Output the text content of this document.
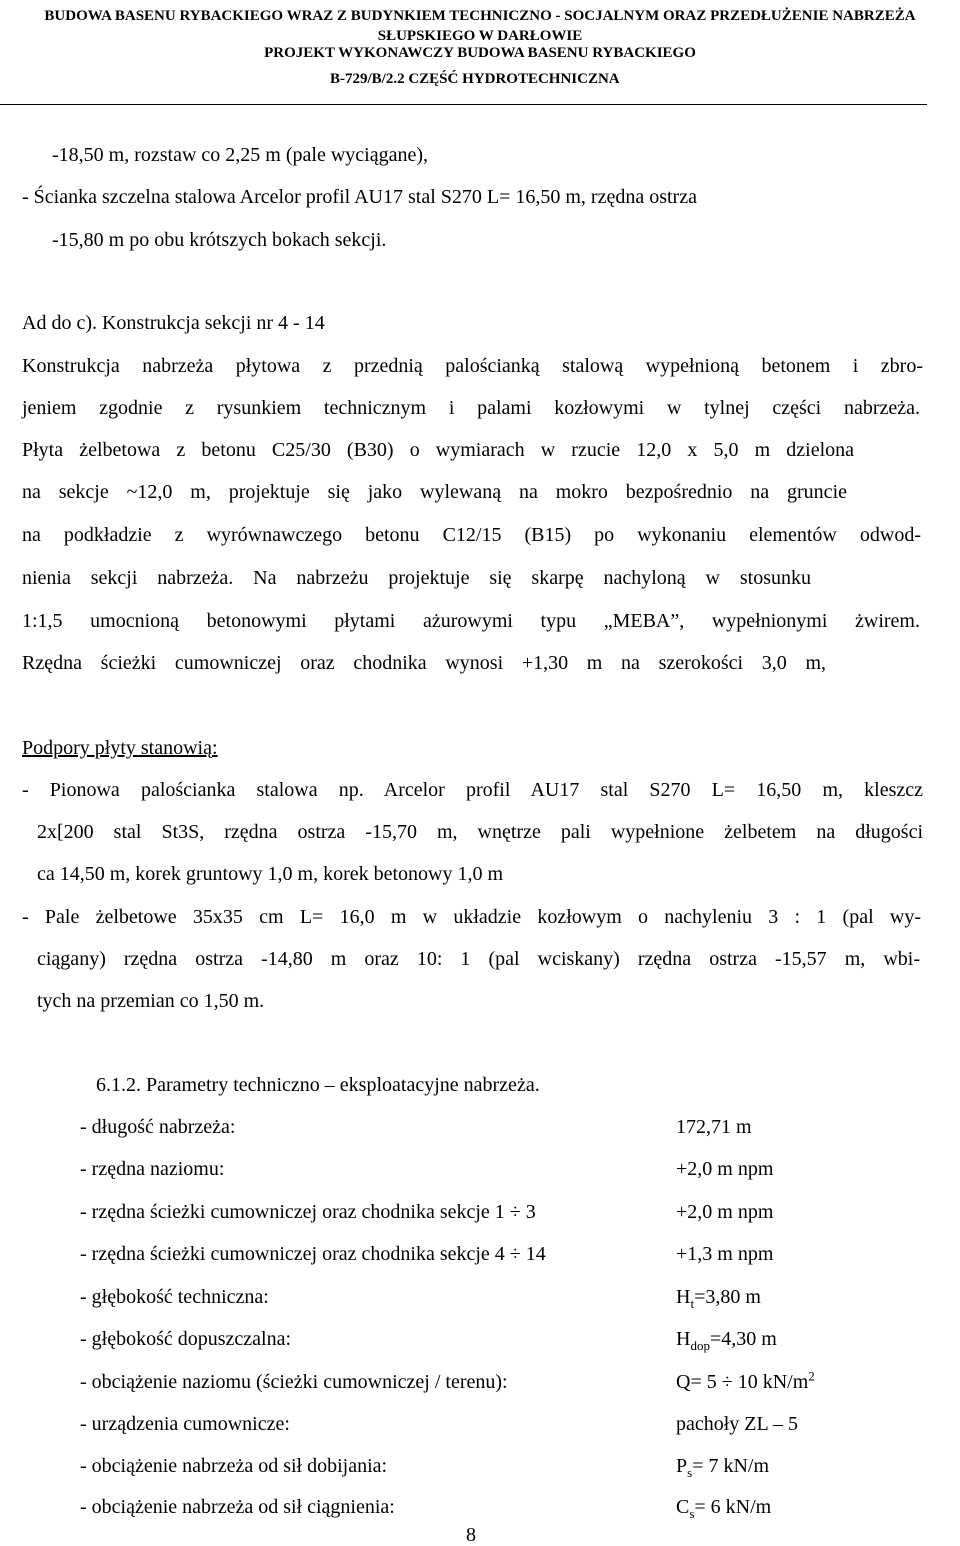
BUDOWA BASENU RYBACKIEGO WRAZ Z BUDYNKIEM TECHNICZNO - SOCJALNYM ORAZ PRZEDŁUŻENIE NABRZEŻA
SŁUPSKIEGO W DARŁOWIE
PROJEKT WYKONAWCZY BUDOWA BASENU RYBACKIEGO
B-729/B/2.2 CZĘŚĆ HYDROTECHNICZNA
-18,50 m, rozstaw co 2,25 m (pale wyciągane),
- Ścianka szczelna stalowa Arcelor profil AU17 stal S270 L= 16,50 m, rzędna ostrza
-15,80 m po obu krótszych bokach sekcji.
Ad do c). Konstrukcja sekcji nr 4 - 14
Konstrukcja nabrzeża płytowa z przednią palościanką stalową wypełnioną betonem i zbro-
jeniem zgodnie z rysunkiem technicznym i palami kozłowymi w tylnej części nabrzeża.
Płyta żelbetowa z betonu C25/30 (B30) o wymiarach w rzucie 12,0 x 5,0 m dzielona
na sekcje ~12,0 m, projektuje się jako wylewaną na mokro bezpośrednio na gruncie
na podkładzie z wyrównawczego betonu C12/15 (B15) po wykonaniu elementów odwod-
nienia sekcji nabrzeża. Na nabrzeżu projektuje się skarpę nachyloną w stosunku
1:1,5 umocnioną betonowymi płytami ażurowymi typu „MEBA”, wypełnionymi żwirem.
Rzędna ścieżki cumowniczej oraz chodnika wynosi +1,30 m na szerokości 3,0 m,
Podpory płyty stanowią:
- Pionowa palościanka stalowa np. Arcelor profil AU17 stal S270 L= 16,50 m, kleszcz
2x[200 stal St3S, rzędna ostrza -15,70 m, wnętrze pali wypełnione żelbetem na długości
ca 14,50 m, korek gruntowy 1,0 m, korek betonowy 1,0 m
- Pale żelbetowe 35x35 cm L= 16,0 m w układzie kozłowym o nachyleniu 3 : 1 (pal wy-
ciągany) rzędna ostrza -14,80 m oraz 10: 1 (pal wciskany) rzędna ostrza -15,57 m, wbi-
tych na przemian co 1,50 m.
6.1.2. Parametry techniczno – eksploatacyjne nabrzeża.
- długość nabrzeża:	172,71 m
- rzędna naziomu:	+2,0 m npm
- rzędna ścieżki cumowniczej oraz chodnika sekcje 1 ÷ 3	+2,0 m npm
- rzędna ścieżki cumowniczej oraz chodnika sekcje 4 ÷ 14	+1,3 m npm
- głębokość techniczna:	$H_t=3,80$ m
- głębokość dopuszczalna:	$H_{dop}=4,30$ m
- obciążenie naziomu (ścieżki cumowniczej / terenu):	Q= 5 ÷ 10 $kN/m^2$
- urządzenia cumownicze:	pachoły ZL – 5
- obciążenie nabrzeża od sił dobijania:	$P_s= 7$ kN/m
- obciążenie nabrzeża od sił ciągnienia:	$C_s= 6$ kN/m
8
